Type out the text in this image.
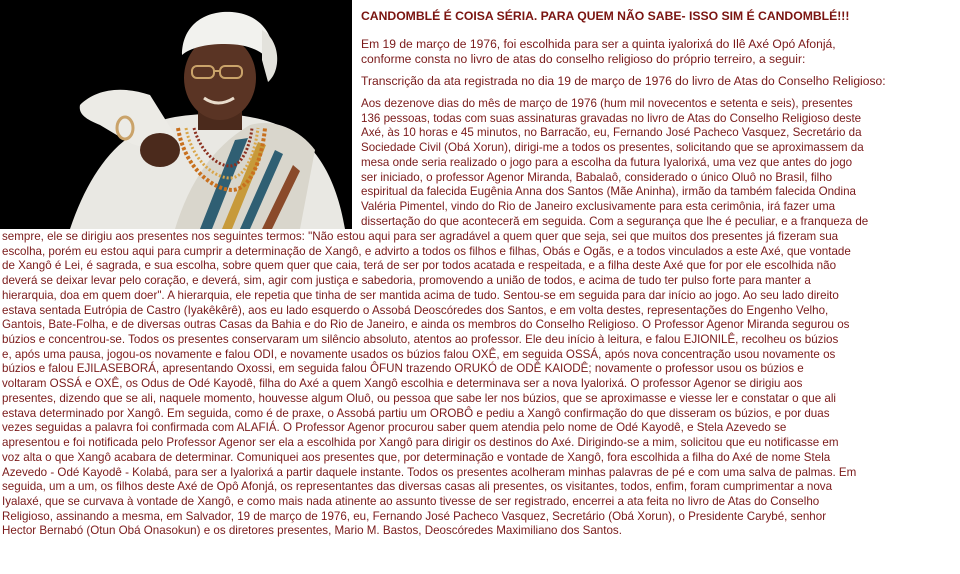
CANDOMBLÉ É COISA SÉRIA. PARA QUEM NÃO SABE- ISSO SIM É CANDOMBLÉ!!!
Em 19 de março de 1976, foi escolhida para ser a quinta iyalorixá do Ilê Axé Opó Afonjá,
conforme consta no livro de atas do conselho religioso do próprio terreiro, a seguir:
Transcrição da ata registrada no dia 19 de março de 1976 do livro de Atas do Conselho Religioso:
Aos dezenove dias do mês de março de 1976 (hum mil novecentos e setenta e seis), presentes
136 pessoas, todas com suas assinaturas gravadas no livro de Atas do Conselho Religioso deste
Axé, às 10 horas e 45 minutos, no Barracão, eu, Fernando José Pacheco Vasquez, Secretário da
Sociedade Civil (Obá Xorun), dirigi-me a todos os presentes, solicitando que se aproximassem da
mesa onde seria realizado o jogo para a escolha da futura Iyalorixá, uma vez que antes do jogo
ser iniciado, o professor Agenor Miranda, Babalaô, considerado o único Oluô no Brasil, filho
espiritual da falecida Eugênia Anna dos Santos (Mãe Aninha), irmão da também falecida Ondina
Valéria Pimentel, vindo do Rio de Janeiro exclusivamente para esta cerimônia, irá fazer uma
dissertação do que aconteceră em seguida. Com a segurança que lhe é peculiar, e a franqueza de
sempre, ele se dirigiu aos presentes nos seguintes termos: "Não estou aqui para ser agradável a quem quer que seja, sei que muitos dos presentes já fizeram sua
escolha, porém eu estou aqui para cumprir a determinação de Xangô, e advirto a todos os filhos e filhas, Obás e Ogãs, e a todos vinculados a este Axé, que vontade
de Xangô é Lei, é sagrada, e sua escolha, sobre quem quer que caia, terá de ser por todos acatada e respeitada, e a filha deste Axé que for por ele escolhida não
deverá se deixar levar pelo coração, e deverá, sim, agir com justiça e sabedoria, promovendo a união de todos, e acima de tudo ter pulso forte para manter a
hierarquia, doa em quem doer". A hierarquia, ele repetia que tinha de ser mantida acima de tudo. Sentou-se em seguida para dar início ao jogo. Ao seu lado direito
estava sentada Eutrópia de Castro (Iyakêkêrê), aos eu lado esquerdo o Assobá Deoscóredes dos Santos, e em volta destes, representações do Engenho Velho,
Gantois, Bate-Folha, e de diversas outras Casas da Bahia e do Rio de Janeiro, e ainda os membros do Conselho Religioso. O Professor Agenor Miranda segurou os
búzios e concentrou-se. Todos os presentes conservaram um silêncio absoluto, atentos ao professor. Ele deu início à leitura, e falou EJIONILÊ, recolheu os búzios
e, após uma pausa, jogou-os novamente e falou ODI, e novamente usados os búzios falou OXÊ, em seguida OSSÁ, após nova concentração usou novamente os
búzios e falou EJILASEBORÁ, apresentando Oxossi, em seguida falou ÔFUN trazendo ORUKÓ de ODÊ KAIODÊ; novamente o professor usou os búzios e
voltaram OSSÁ e OXÊ, os Odus de Odé Kayodê, filha do Axé a quem Xangô escolhia e determinava ser a nova Iyalorixá. O professor Agenor se dirigiu aos
presentes, dizendo que se ali, naquele momento, houvesse algum Oluô, ou pessoa que sabe ler nos búzios, que se aproximasse e viesse ler e constatar o que ali
estava determinado por Xangô. Em seguida, como é de praxe, o Assobá partiu um OROBÔ e pediu a Xangô confirmação do que disseram os búzios, e por duas
vezes seguidas a palavra foi confirmada com ALAFIÁ. O Professor Agenor procurou saber quem atendia pelo nome de Odé Kayodê, e Stela Azevedo se
apresentou e foi notificada pelo Professor Agenor ser ela a escolhida por Xangô para dirigir os destinos do Axé. Dirigindo-se a mim, solicitou que eu notificasse em
voz alta o que Xangô acabara de determinar. Comuniquei aos presentes que, por determinação e vontade de Xangô, fora escolhida a filha do Axé de nome Stela
Azevedo - Odé Kayodê - Kolabá, para ser a Iyalorixá a partir daquele instante. Todos os presentes acolheram minhas palavras de pé e com uma salva de palmas. Em
seguida, um a um, os filhos deste Axé de Opô Afonjá, os representantes das diversas casas ali presentes, os visitantes, todos, enfim, foram cumprimentar a nova
Iyalaxé, que se curvava à vontade de Xangô, e como mais nada atinente ao assunto tivesse de ser registrado, encerrei a ata feita no livro de Atas do Conselho
Religioso, assinando a mesma, em Salvador, 19 de março de 1976, eu, Fernando José Pacheco Vasquez, Secretário (Obá Xorun), o Presidente Carybé, senhor
Hector Bernabó (Otun Obá Onasokun) e os diretores presentes, Mario M. Bastos, Deoscóredes Maximiliano dos Santos.
